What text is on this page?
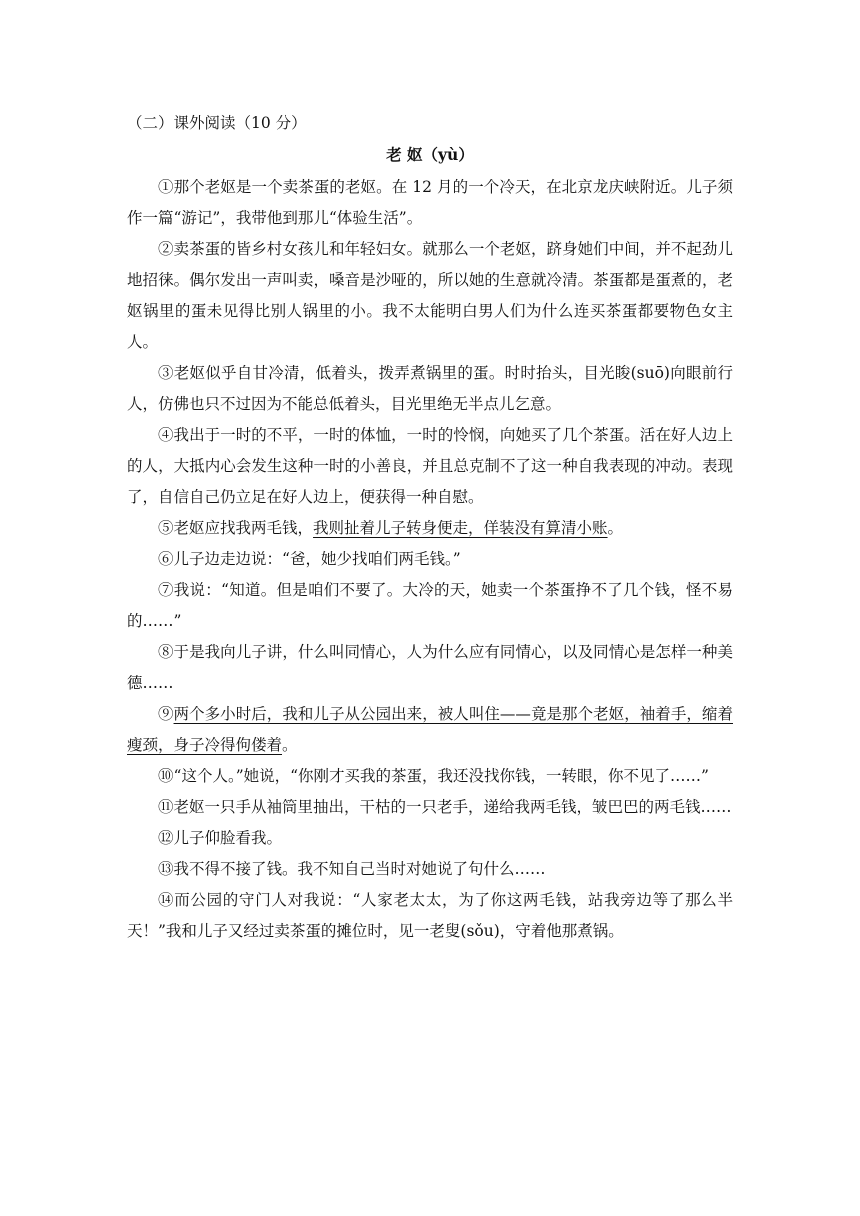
（二）课外阅读（10 分）

老 妪（yù）

①那个老妪是一个卖茶蛋的老妪。在 12 月的一个冷天，在北京龙庆峡附近。儿子须作一篇“游记”，我带他到那儿“体验生活”。

②卖茶蛋的皆乡村女孩儿和年轻妇女。就那么一个老妪，跻身她们中间，并不起劲儿地招徕。偶尔发出一声叫卖，嗓音是沙哑的，所以她的生意就冷清。茶蛋都是蛋煮的，老妪锅里的蛋未见得比别人锅里的小。我不太能明白男人们为什么连买茶蛋都要物色女主人。

③老妪似乎自甘冷清，低着头，拨弄煮锅里的蛋。时时抬头，目光睃(suō)向眼前行人，仿佛也只不过因为不能总低着头，目光里绝无半点儿乞意。

④我出于一时的不平，一时的体恤，一时的怜悯，向她买了几个茶蛋。活在好人边上的人，大抵内心会发生这种一时的小善良，并且总克制不了这一种自我表现的冲动。表现了，自信自己仍立足在好人边上，便获得一种自慰。

⑤老妪应找我两毛钱，我则扯着儿子转身便走，佯装没有算清小账。

⑥儿子边走边说：“爸，她少找咱们两毛钱。”

⑦我说：“知道。但是咱们不要了。大冷的天，她卖一个茶蛋挣不了几个钱，怪不易的……”

⑧于是我向儿子讲，什么叫同情心，人为什么应有同情心，以及同情心是怎样一种美德……

⑨两个多小时后，我和儿子从公园出来，被人叫住——竟是那个老妪，袖着手，缩着瘦颈，身子冷得佝偻着。

⑩“这个人。”她说，“你刚才买我的茶蛋，我还没找你钱，一转眼，你不见了……”

⑪老妪一只手从袖筒里抽出，干枯的一只老手，递给我两毛钱，皱巴巴的两毛钱……

⑫儿子仰脸看我。

⑬我不得不接了钱。我不知自己当时对她说了句什么……

⑭而公园的守门人对我说：“人家老太太，为了你这两毛钱，站我旁边等了那么半天！”我和儿子又经过卖茶蛋的摊位时，见一老叟(sǒu)，守着他那煮锅。
